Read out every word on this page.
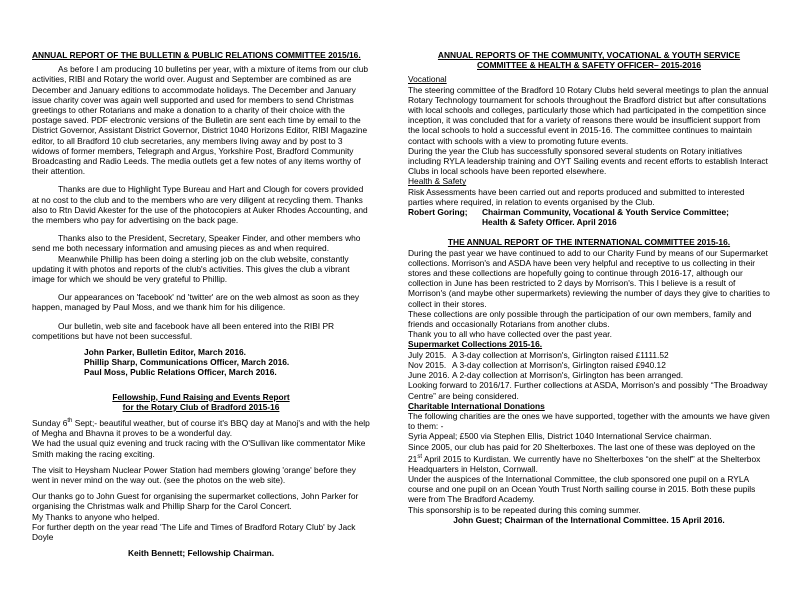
ANNUAL REPORT OF THE BULLETIN & PUBLIC RELATIONS COMMITTEE 2015/16.

As before I am producing 10 bulletins per year, with a mixture of items from our club activities, RIBI and Rotary the world over. August and September are combined as are December and January editions to accommodate holidays. The December and January issue charity cover was again well supported and used for members to send Christmas greetings to other Rotarians and make a donation to a charity of their choice with the postage saved. PDF electronic versions of the Bulletin are sent each time by email to the District Governor, Assistant District Governor, District 1040 Horizons Editor, RIBI Magazine editor, to all Bradford 10 club secretaries, any members living away and by post to 3 widows of former members, Telegraph and Argus, Yorkshire Post, Bradford Community Broadcasting and Radio Leeds. The media outlets get a few notes of any items worthy of their attention.

Thanks are due to Highlight Type Bureau and Hart and Clough for covers provided at no cost to the club and to the members who are very diligent at recycling them. Thanks also to Rtn David Akester for the use of the photocopiers at Auker Rhodes Accounting, and the members who pay for advertising on the back page.

Thanks also to the President, Secretary, Speaker Finder, and other members who send me both necessary information and amusing pieces as and when required.

Meanwhile Phillip has been doing a sterling job on the club website, constantly updating it with photos and reports of the club's activities. This gives the club a vibrant image for which we should be very grateful to Phillip.

Our appearances on 'facebook' nd 'twitter' are on the web almost as soon as they happen, managed by Paul Moss, and we thank him for his diligence.

Our bulletin, web site and facebook have all been entered into the RIBI PR competitions but have not been successful.

John Parker, Bulletin Editor, March 2016.

Phillip Sharp, Communications Officer, March 2016.

Paul Moss, Public Relations Officer, March 2016.

Fellowship, Fund Raising and Events Report

for the Rotary Club of Bradford 2015-16

Sunday 6th Sept;- beautiful weather, but of course it's BBQ day at Manoj's and with the help of Megha and Bhavna it proves to be a wonderful day.

We had the usual quiz evening and truck racing with the O'Sullivan like commentator Mike Smith making the racing exciting.

The visit to Heysham Nuclear Power Station had members glowing 'orange' before they went in never mind on the way out. (see the photos on the web site).

Our thanks go to John Guest for organising the supermarket collections, John Parker for organising the Christmas walk and Phillip Sharp for the Carol Concert.

My Thanks to anyone who helped.

For further depth on the year read 'The Life and Times of Bradford Rotary Club' by Jack Doyle

Keith Bennett; Fellowship Chairman.

ANNUAL REPORTS OF THE COMMUNITY, VOCATIONAL & YOUTH SERVICE

COMMITTEE & HEALTH & SAFETY OFFICER– 2015-2016

Vocational

The steering committee of the Bradford 10 Rotary Clubs held several meetings to plan the annual Rotary Technology tournament for schools throughout the Bradford district but after consultations with local schools and colleges, particularly those which had participated in the competition since inception, it was concluded that for a variety of reasons there would be insufficient support from the local schools to hold a successful event in 2015-16. The committee continues to maintain contact with schools with a view to promoting future events.

During the year the Club has successfully sponsored several students on Rotary initiatives including RYLA leadership training and OYT Sailing events and recent efforts to establish Interact Clubs in local schools have been reported elsewhere.

Health & Safety

Risk Assessments have been carried out and reports produced and submitted to interested parties where required, in relation to events organised by the Club.

Robert Goring;	Chairman Community, Vocational & Youth Service Committee;
Health & Safety Officer. April 2016

THE ANNUAL REPORT OF THE INTERNATIONAL COMMITTEE 2015-16.

During the past year we have continued to add to our Charity Fund by means of our Supermarket collections. Morrison's and ASDA have been very helpful and receptive to us collecting in their stores and these collections are hopefully going to continue through 2016-17, although our collection in June has been restricted to 2 days by Morrison's. This I believe is a result of Morrison's (and maybe other supermarkets) reviewing the number of days they give to charities to collect in their stores.

These collections are only possible through the participation of our own members, family and friends and occasionally Rotarians from another clubs.

Thank you to all who have collected over the past year.

Supermarket Collections 2015-16.

July 2015. A 3-day collection at Morrison's, Girlington raised £1111.52
Nov 2015. A 3-day collection at Morrison's, Girlington raised £940.12
June 2016. A 2-day collection at Morrison's, Girlington has been arranged.

Looking forward to 2016/17. Further collections at ASDA, Morrison's and possibly “The Broadway Centre” are being considered.

Charitable International Donations

The following charities are the ones we have supported, together with the amounts we have given to them: -

Syria Appeal; £500 via Stephen Ellis, District 1040 International Service chairman.

Since 2005, our club has paid for 20 Shelterboxes. The last one of these was deployed on the 21st April 2015 to Kurdistan. We currently have no Shelterboxes “on the shelf” at the Shelterbox Headquarters in Helston, Cornwall.

Under the auspices of the International Committee, the club sponsored one pupil on a RYLA course and one pupil on an Ocean Youth Trust North sailing course in 2015. Both these pupils were from The Bradford Academy.

This sponsorship is to be repeated during this coming summer.

John Guest; Chairman of the International Committee. 15 April 2016.
